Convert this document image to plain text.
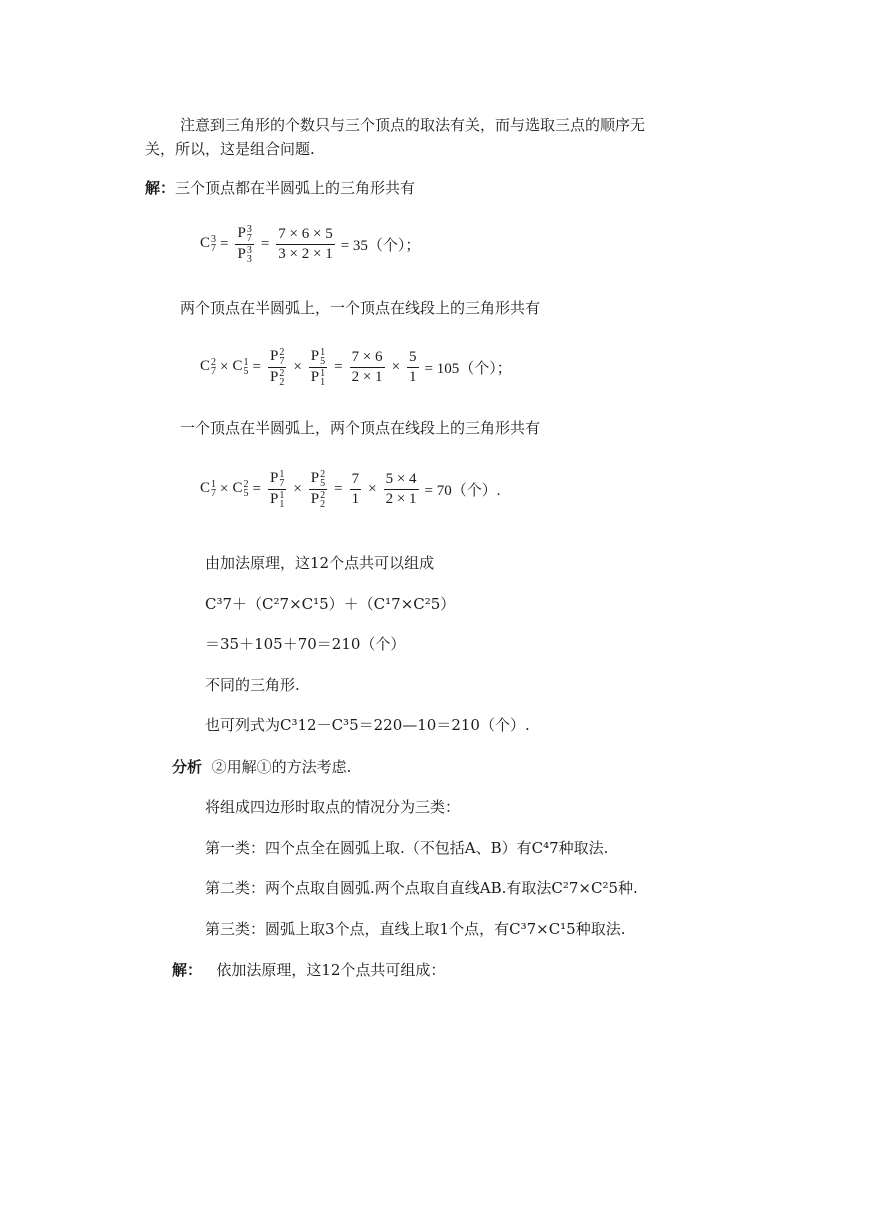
注意到三角形的个数只与三个顶点的取法有关，而与选取三点的顺序无
关，所以，这是组合问题.
解：三个顶点都在半圆弧上的三角形共有
C 3
7 = P 3
7
P 3
$3 = \frac{7 \times 6 \times 5}{3 \times 2 \times 1} = 35$（个）；
两个顶点在半圆弧上，一个顶点在线段上的三角形共有
C 2
7 × C 1
5 = P 2
7
P 2
2 × P 1
5
P 1
$1 = \frac{7 \times 6}{2 \times 1} \times \frac{5}{1} = 105$（个）；
一个顶点在半圆弧上，两个顶点在线段上的三角形共有
C 1
7 × C 2
5 = P 1
7
P 1
1 × P 2
5
P 2
$2 = \frac{7}{1} \times \frac{5 \times 4}{2 \times 1} = 70$（个）.
由加法原理，这12个点共可以组成
C³7＋（C²7×C¹5）＋（C¹7×C²5）
＝35＋105＋70＝210（个）
不同的三角形.
也可列式为C³12－C³5＝220—10＝210（个）.
分析 ②用解①的方法考虑.
将组成四边形时取点的情况分为三类：
第一类：四个点全在圆弧上取.（不包括A、B）有C⁴7种取法.
第二类：两个点取自圆弧.两个点取自直线AB.有取法C²7×C²5种.
第三类：圆弧上取3个点，直线上取1个点，有C³7×C¹5种取法.
解： 依加法原理，这12个点共可组成：
